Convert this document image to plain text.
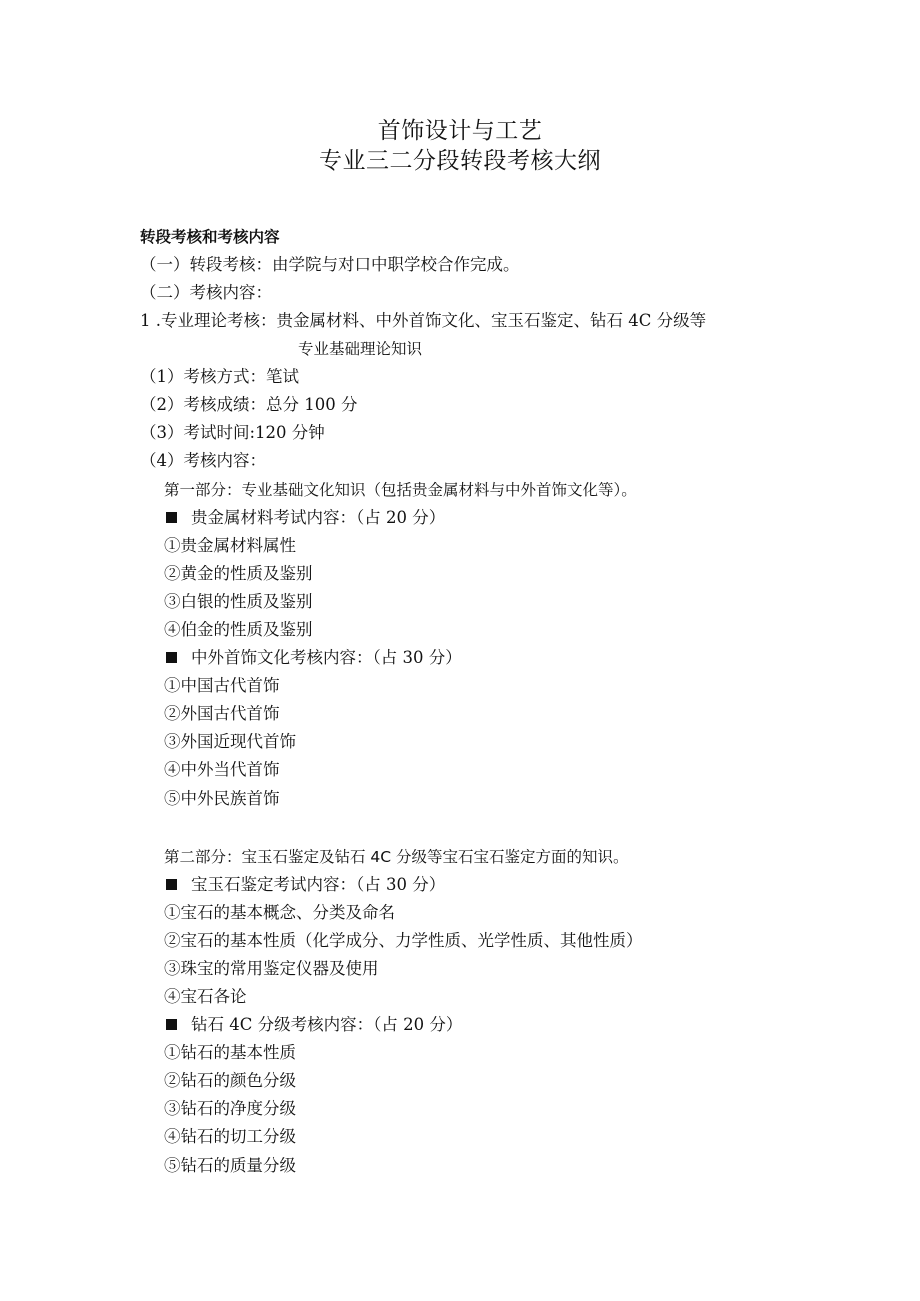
首饰设计与工艺
专业三二分段转段考核大纲
转段考核和考核内容
（一）转段考核：由学院与对口中职学校合作完成。
（二）考核内容：
1 .专业理论考核：贵金属材料、中外首饰文化、宝玉石鉴定、钻石 4C 分级等
专业基础理论知识
（1）考核方式：笔试
（2）考核成绩：总分 100 分
（3）考试时间:120 分钟
（4）考核内容：
第一部分：专业基础文化知识（包括贵金属材料与中外首饰文化等）。
贵金属材料考试内容：（占 20 分）
①贵金属材料属性
②黄金的性质及鉴别
③白银的性质及鉴别
④伯金的性质及鉴别
中外首饰文化考核内容：（占 30 分）
①中国古代首饰
②外国古代首饰
③外国近现代首饰
④中外当代首饰
⑤中外民族首饰
第二部分：宝玉石鉴定及钻石 4C 分级等宝石宝石鉴定方面的知识。
宝玉石鉴定考试内容：（占 30 分）
①宝石的基本概念、分类及命名
②宝石的基本性质（化学成分、力学性质、光学性质、其他性质）
③珠宝的常用鉴定仪器及使用
④宝石各论
钻石 4C 分级考核内容：（占 20 分）
①钻石的基本性质
②钻石的颜色分级
③钻石的净度分级
④钻石的切工分级
⑤钻石的质量分级
